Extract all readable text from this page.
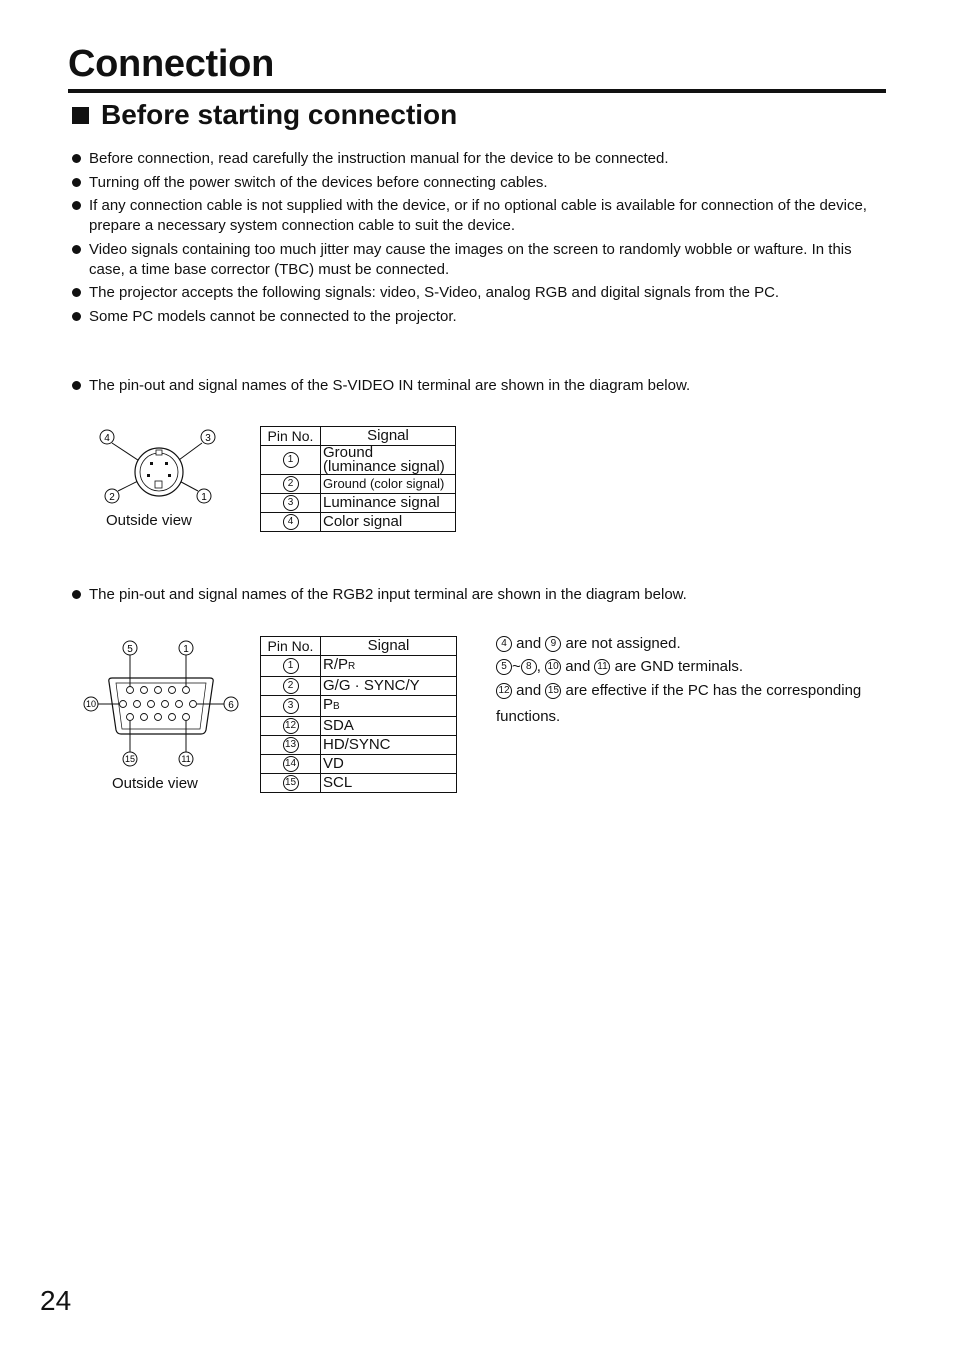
Connection
Before starting connection
Before connection, read carefully the instruction manual for the device to be connected.
Turning off the power switch of the devices before connecting cables.
If any connection cable is not supplied with the device, or if no optional cable is available for connection of the device, prepare a necessary system connection cable to suit the device.
Video signals containing too much jitter may cause the images on the screen to randomly wobble or wafture. In this case, a time base corrector (TBC) must be connected.
The projector accepts the following signals: video, S-Video, analog RGB and digital signals from the PC.
Some PC models cannot be connected to the projector.
The pin-out and signal names of the S-VIDEO IN terminal are shown in the diagram below.
4	3
2	1
Outside view
Pin No.	Signal
1	Ground
(luminance signal)
2	Ground (color signal)
3	Luminance signal
4	Color signal
The pin-out and signal names of the RGB2 input terminal are shown in the diagram below.
5	1
10	6
15	11
Outside view
Pin No.	Signal
1	R/PR
2	G/G · SYNC/Y
3	PB
12	SDA
13	HD/SYNC
14	VD
15	SCL
4 and 9 are not assigned.
5 ~ 8 , 10 and 11 are GND terminals.
12 and 15 are effective if the PC has the corresponding functions.
24
